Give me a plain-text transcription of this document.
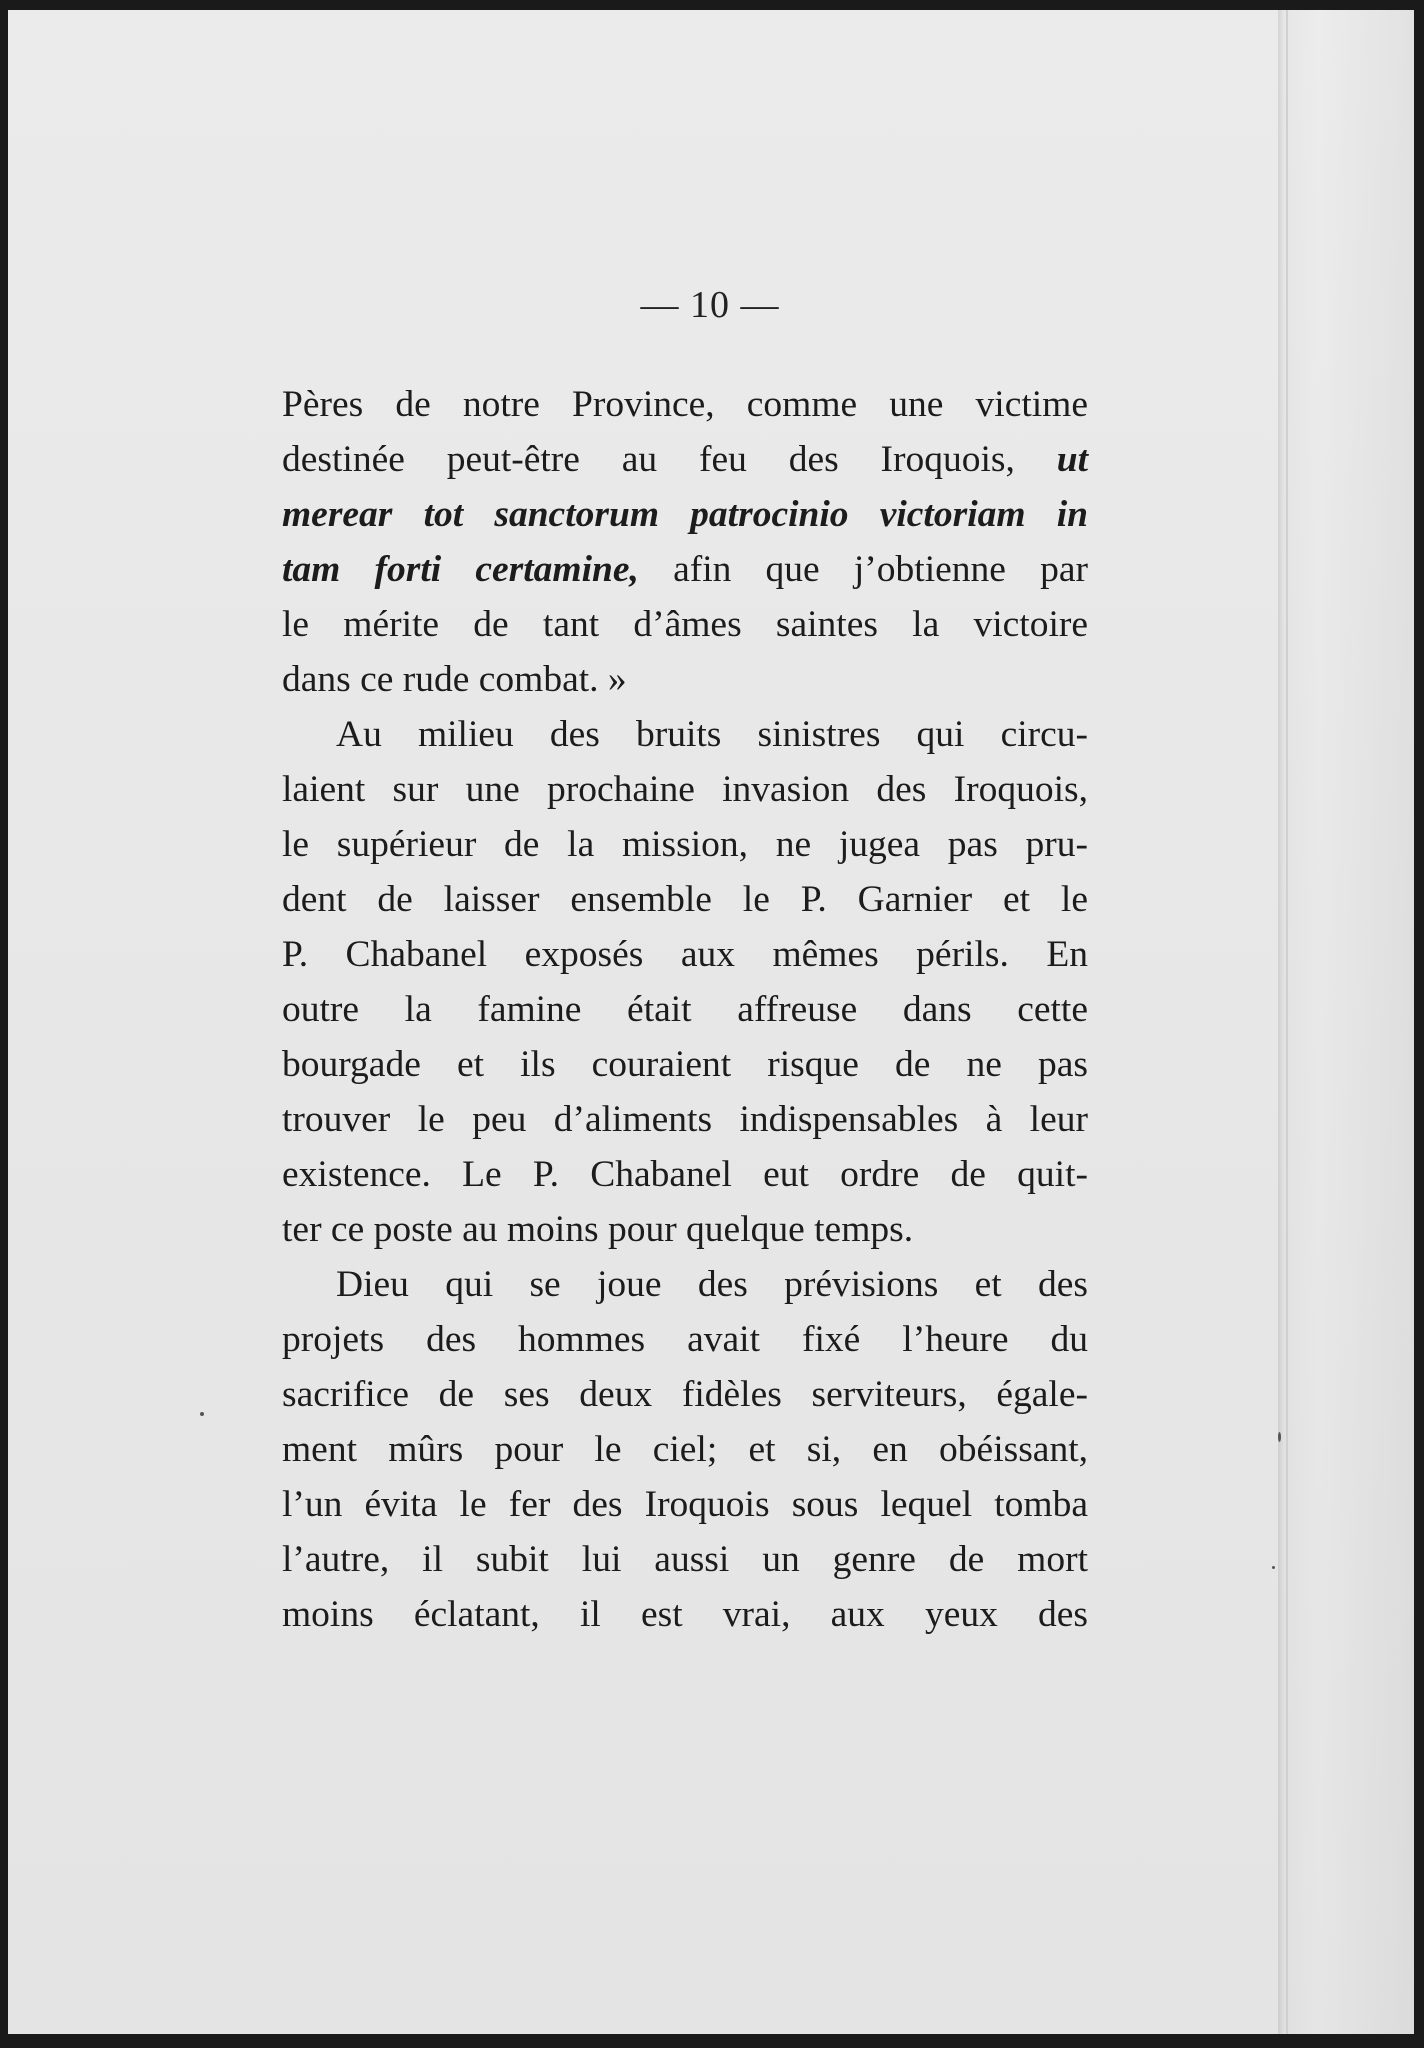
— 10 —
Pères de notre Province, comme une victime
destinée peut-être au feu des Iroquois, ut
merear tot sanctorum patrocinio victoriam in
tam forti certamine, afin que j’obtienne par
le mérite de tant d’âmes saintes la victoire
dans ce rude combat. »
Au milieu des bruits sinistres qui circu-
laient sur une prochaine invasion des Iroquois,
le supérieur de la mission, ne jugea pas pru-
dent de laisser ensemble le P. Garnier et le
P. Chabanel exposés aux mêmes périls. En
outre la famine était affreuse dans cette
bourgade et ils couraient risque de ne pas
trouver le peu d’aliments indispensables à leur
existence. Le P. Chabanel eut ordre de quit-
ter ce poste au moins pour quelque temps.
Dieu qui se joue des prévisions et des
projets des hommes avait fixé l’heure du
sacrifice de ses deux fidèles serviteurs, égale-
ment mûrs pour le ciel; et si, en obéissant,
l’un évita le fer des Iroquois sous lequel tomba
l’autre, il subit lui aussi un genre de mort
moins éclatant, il est vrai, aux yeux des
